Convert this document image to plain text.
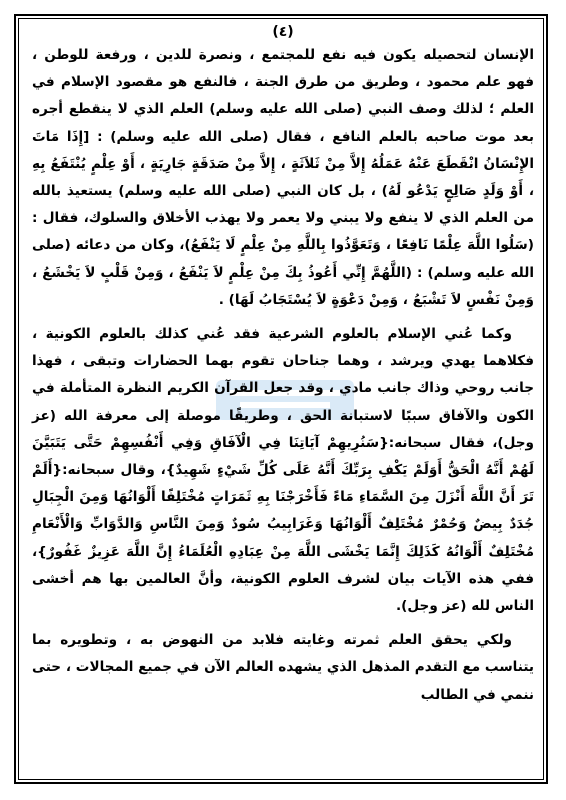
(٤)

الإنسان لتحصيله يكون فيه نفع للمجتمع ، ونصرة للدين ، ورفعة للوطن ، فهو علم محمود ، وطريق من طرق الجنة ، فالنفع هو مقصود الإسلام في العلم ؛ لذلك وصف النبي (صلى الله عليه وسلم) العلم الذي لا ينقطع أجره بعد موت صاحبه بالعلم النافع ، فقال (صلى الله عليه وسلم) : [إِذَا مَاتَ الإِنْسَانُ انْقَطَعَ عَنْهُ عَمَلُهُ إِلاَّ مِنْ ثَلاَثَةٍ ، إِلاَّ مِنْ صَدَقَةٍ جَارِيَةٍ ، أَوْ عِلْمٍ يُنْتَفَعُ بِهِ ، أَوْ وَلَدٍ صَالِحٍ يَدْعُو لَهُ) ، بل كان النبي (صلى الله عليه وسلم) يستعيذ بالله من العلم الذي لا ينفع ولا يبني ولا يعمر ولا يهذب الأخلاق والسلوك، فقال : (سَلُوا اللَّهَ عِلْمًا نَافِعًا ، وَتَعَوَّذُوا بِاللَّهِ مِنْ عِلْمٍ لَا يَنْفَعُ)، وكان من دعائه (صلى الله عليه وسلم) : (اللَّهُمَّ إِنِّي أَعُوذُ بِكَ مِنْ عِلْمٍ لاَ يَنْفَعُ ، وَمِنْ قَلْبٍ لاَ يَخْشَعُ ، وَمِنْ نَفْسٍ لاَ تَشْبَعُ ، وَمِنْ دَعْوَةٍ لاَ يُسْتَجَابُ لَهَا) .

وكما عُني الإسلام بالعلوم الشرعية فقد عُني كذلك بالعلوم الكونية ، فكلاهما يهدي ويرشد ، وهما جناحان تقوم بهما الحضارات وتبقى ، فهذا جانب روحي وذاك جانب مادي ، وقد جعل القرآن الكريم النظرة المتأملة في الكون والآفاق سببًا لاستبانة الحق ، وطريقًا موصلة إلى معرفة الله (عز وجل)، فقال سبحانه:{سَنُرِيهِمْ آيَاتِنَا فِي الْآفَاقِ وَفِي أَنْفُسِهِمْ حَتَّى يَتَبَيَّنَ لَهُمْ أَنَّهُ الْحَقُّ أَوَلَمْ يَكْفِ بِرَبِّكَ أَنَّهُ عَلَى كُلِّ شَيْءٍ شَهِيدٌ}، وقال سبحانه:{أَلَمْ تَرَ أَنَّ اللَّهَ أَنْزَلَ مِنَ السَّمَاءِ مَاءً فَأَخْرَجْنَا بِهِ ثَمَرَاتٍ مُخْتَلِفًا أَلْوَانُهَا وَمِنَ الْجِبَالِ جُدَدٌ بِيضٌ وَحُمْرٌ مُخْتَلِفٌ أَلْوَانُهَا وَغَرَابِيبُ سُودٌ وَمِنَ النَّاسِ وَالدَّوَابِّ وَالْأَنْعَامِ مُخْتَلِفٌ أَلْوَانُهُ كَذَلِكَ إِنَّمَا يَخْشَى اللَّهَ مِنْ عِبَادِهِ الْعُلَمَاءُ إِنَّ اللَّهَ عَزِيزٌ غَفُورٌ}، ففي هذه الآيات بيان لشرف العلوم الكونية، وأنَّ العالمين بها هم أخشى الناس لله (عز وجل).

ولكي يحقق العلم ثمرته وغايته فلابد من النهوض به ، وتطويره بما يتناسب مع التقدم المذهل الذي يشهده العالم الآن في جميع المجالات ، حتى ننمي في الطالب
